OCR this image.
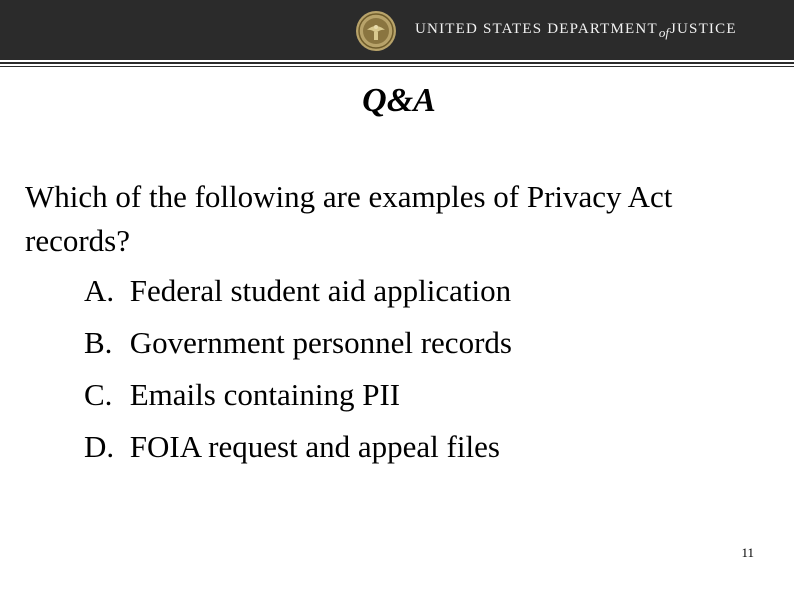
UNITED STATES DEPARTMENTofJUSTICE
Q&A
Which of the following are examples of Privacy Act records?
A. Federal student aid application
B. Government personnel records
C. Emails containing PII
D. FOIA request and appeal files
11
